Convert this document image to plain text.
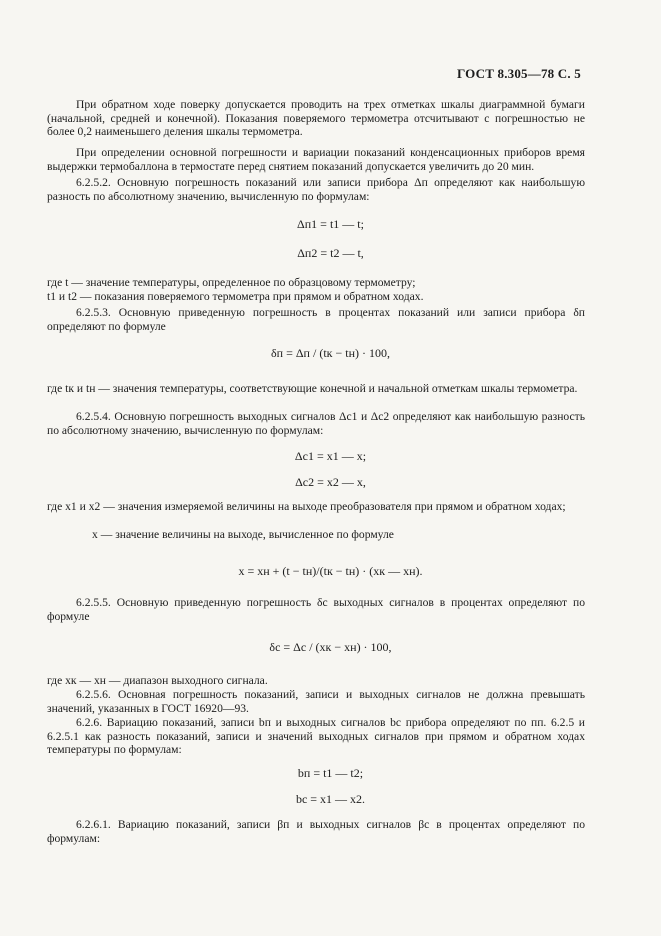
ГОСТ 8.305—78 С. 5
При обратном ходе поверку допускается проводить на трех отметках шкалы диаграммной бумаги (начальной, средней и конечной). Показания поверяемого термометра отсчитывают с погрешностью не более 0,2 наименьшего деления шкалы термометра.
При определении основной погрешности и вариации показаний конденсационных приборов время выдержки термобаллона в термостате перед снятием показаний допускается увеличить до 20 мин.
6.2.5.2. Основную погрешность показаний или записи прибора Δп определяют как наибольшую разность по абсолютному значению, вычисленную по формулам:
Δп1 = t1 — t;
Δп2 = t2 — t,
где t — значение температуры, определенное по образцовому термометру;
t1 и t2 — показания поверяемого термометра при прямом и обратном ходах.
6.2.5.3. Основную приведенную погрешность в процентах показаний или записи прибора δп определяют по формуле
δп = Δп / (tк − tн) · 100,
где tк и tн — значения температуры, соответствующие конечной и начальной отметкам шкалы термометра.
6.2.5.4. Основную погрешность выходных сигналов Δc1 и Δc2 определяют как наибольшую разность по абсолютному значению, вычисленную по формулам:
Δc1 = x1 — x;
Δc2 = x2 — x,
где x1 и x2 — значения измеряемой величины на выходе преобразователя при прямом и обратном ходах;
x — значение величины на выходе, вычисленное по формуле
x = xн + (t − tн)/(tк − tн) · (xк — xн).
6.2.5.5. Основную приведенную погрешность δс выходных сигналов в процентах определяют по формуле
δс = Δс / (xк − xн) · 100,
где xк — xн — диапазон выходного сигнала.
6.2.5.6. Основная погрешность показаний, записи и выходных сигналов не должна превышать значений, указанных в ГОСТ 16920—93.
6.2.6. Вариацию показаний, записи bп и выходных сигналов bc прибора определяют по пп. 6.2.5 и 6.2.5.1 как разность показаний, записи и значений выходных сигналов при прямом и обратном ходах температуры по формулам:
bп = t1 — t2;
bc = x1 — x2.
6.2.6.1. Вариацию показаний, записи βп и выходных сигналов βс в процентах определяют по формулам:
